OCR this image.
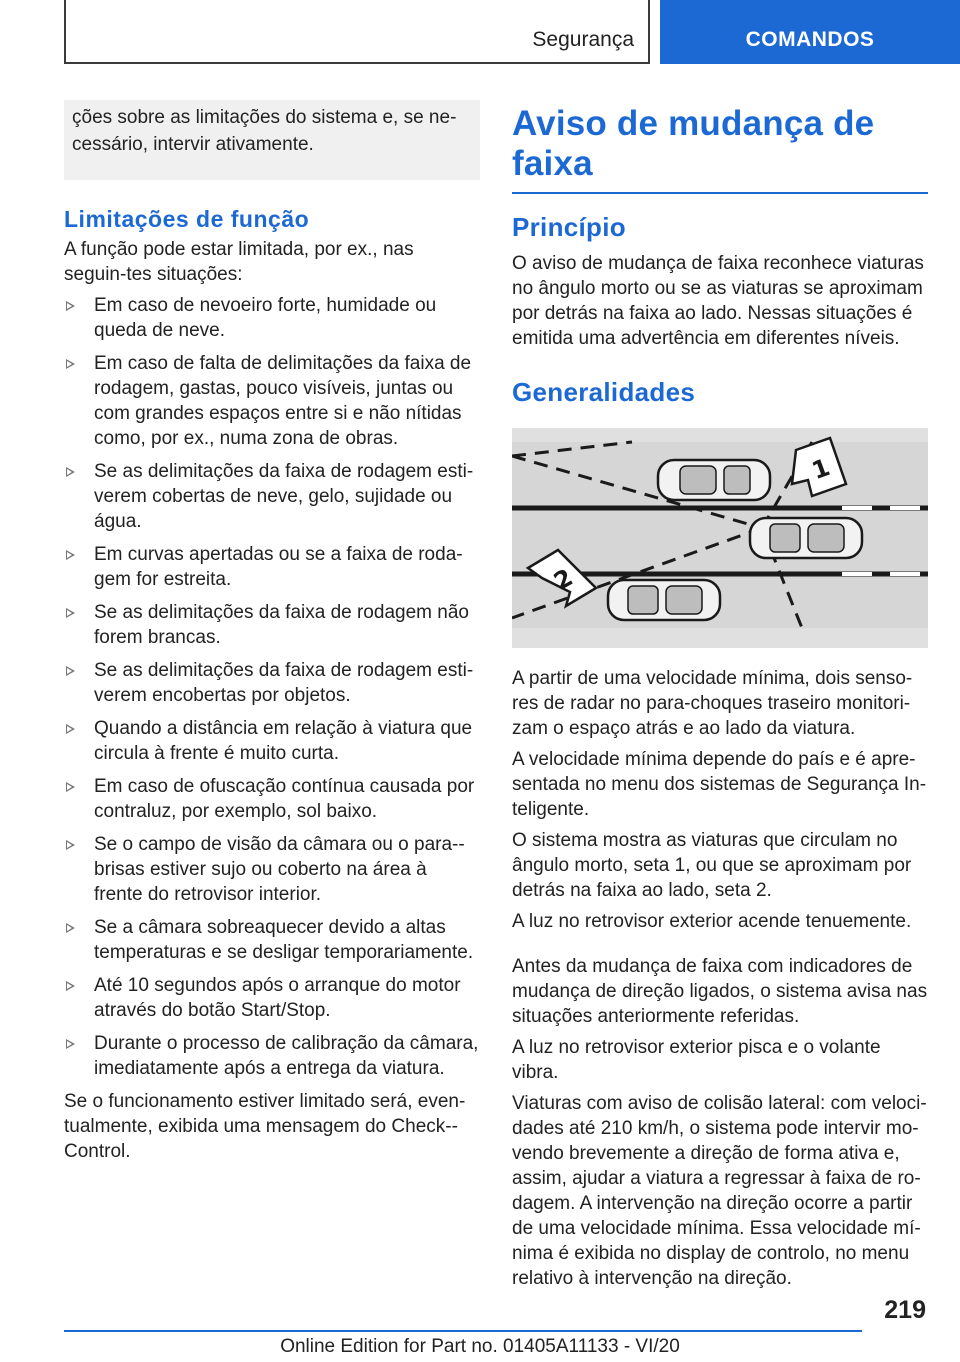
Segurança	COMANDOS
ções sobre as limitações do sistema e, se ne-cessário, intervir ativamente.
Limitações de função

A função pode estar limitada, por ex., nas seguin-tes situações:

Em caso de nevoeiro forte, humidade ou queda de neve.
Em caso de falta de delimitações da faixa de rodagem, gastas, pouco visíveis, juntas ou com grandes espaços entre si e não nítidas como, por ex., numa zona de obras.
Se as delimitações da faixa de rodagem esti-verem cobertas de neve, gelo, sujidade ou água.
Em curvas apertadas ou se a faixa de roda-gem for estreita.
Se as delimitações da faixa de rodagem não forem brancas.
Se as delimitações da faixa de rodagem esti-verem encobertas por objetos.
Quando a distância em relação à viatura que circula à frente é muito curta.
Em caso de ofuscação contínua causada por contraluz, por exemplo, sol baixo.
Se o campo de visão da câmara ou o para--brisas estiver sujo ou coberto na área à frente do retrovisor interior.
Se a câmara sobreaquecer devido a altas temperaturas e se desligar temporariamente.
Até 10 segundos após o arranque do motor através do botão Start/Stop.
Durante o processo de calibração da câmara, imediatamente após a entrega da viatura.

Se o funcionamento estiver limitado será, even-tualmente, exibida uma mensagem do Check--Control.

Aviso de mudança de faixa
Princípio

O aviso de mudança de faixa reconhece viaturas no ângulo morto ou se as viaturas se aproximam por detrás na faixa ao lado. Nessas situações é emitida uma advertência em diferentes níveis.

Generalidades
1
2

A partir de uma velocidade mínima, dois senso-res de radar no para-choques traseiro monitori-zam o espaço atrás e ao lado da viatura.

A velocidade mínima depende do país e é apre-sentada no menu dos sistemas de Segurança In-teligente.

O sistema mostra as viaturas que circulam no ângulo morto, seta 1, ou que se aproximam por detrás na faixa ao lado, seta 2.

A luz no retrovisor exterior acende tenuemente.

Antes da mudança de faixa com indicadores de mudança de direção ligados, o sistema avisa nas situações anteriormente referidas.

A luz no retrovisor exterior pisca e o volante vibra.

Viaturas com aviso de colisão lateral: com veloci-dades até 210 km/h, o sistema pode intervir mo-vendo brevemente a direção de forma ativa e, assim, ajudar a viatura a regressar à faixa de ro-dagem. A intervenção na direção ocorre a partir de uma velocidade mínima. Essa velocidade mí-nima é exibida no display de controlo, no menu relativo à intervenção na direção.

219
Online Edition for Part no. 01405A11133 - VI/20
